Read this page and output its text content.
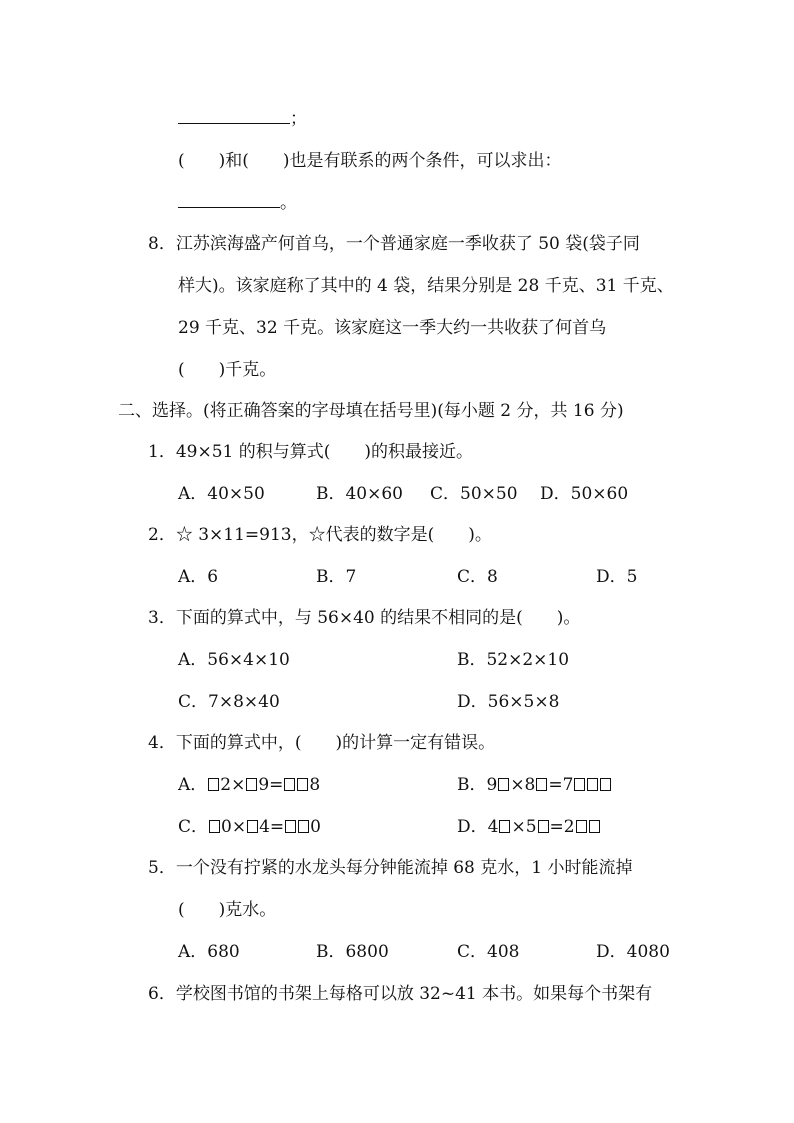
；
(　　)和(　　)也是有联系的两个条件，可以求出：
。
8．江苏滨海盛产何首乌，一个普通家庭一季收获了 50 袋(袋子同
样大)。该家庭称了其中的 4 袋，结果分别是 28 千克、31 千克、
29 千克、32 千克。该家庭这一季大约一共收获了何首乌
(　　)千克。
二、选择。(将正确答案的字母填在括号里)(每小题 2 分，共 16 分)
1．49×51 的积与算式(　　)的积最接近。
A．40×50	B．40×60 C．50×50 D．50×60
2．☆ 3×11=913，☆代表的数字是(　　)。
A．6	B．7	C．8	D．5
3．下面的算式中，与 56×40 的结果不相同的是(　　)。
A．56×4×10	B．52×2×10
C．7×8×40	D．56×5×8
4．下面的算式中，(　　)的计算一定有错误。
A． 2× 9= 8	B．9 ×8 =7
C． 0× 4= 0	D．4 ×5 =2
5．一个没有拧紧的水龙头每分钟能流掉 68 克水，1 小时能流掉
(　　)克水。
A．680	B．6800	C．408	D．4080
6．学校图书馆的书架上每格可以放 32~41 本书。如果每个书架有
